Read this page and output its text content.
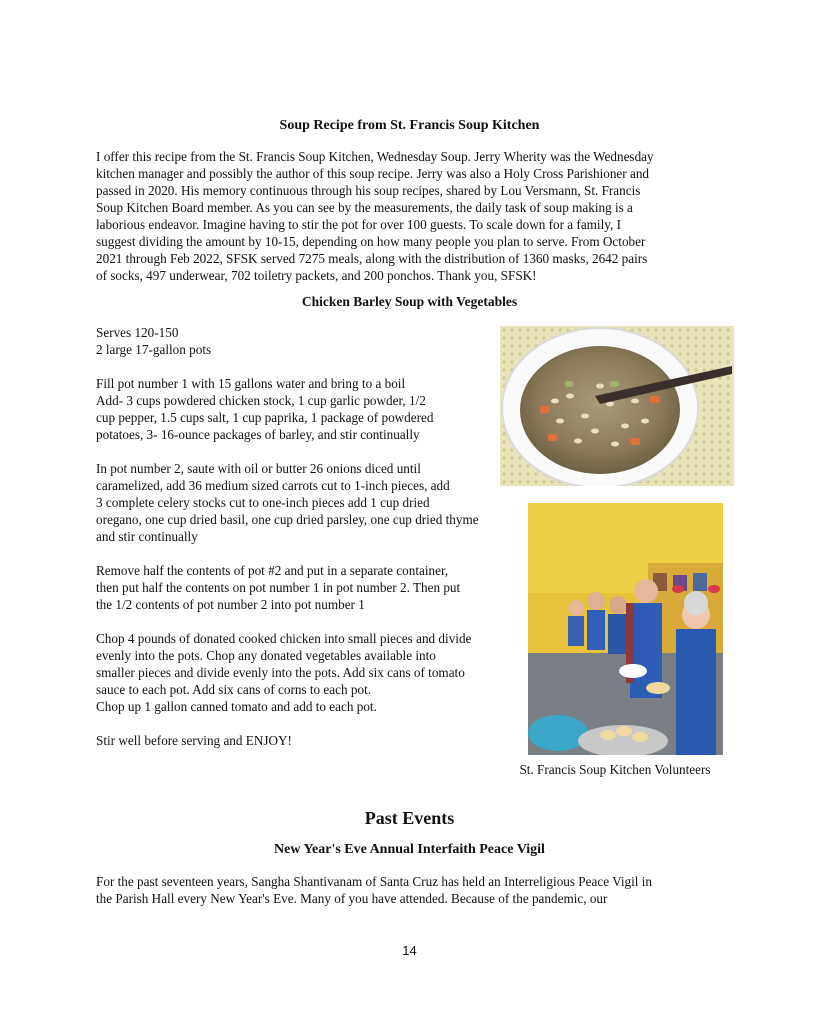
Soup Recipe from St. Francis Soup Kitchen
I offer this recipe from the St. Francis Soup Kitchen, Wednesday Soup. Jerry Wherity was the Wednesday
kitchen manager and possibly the author of this soup recipe. Jerry was also a Holy Cross Parishioner and
passed in 2020. His memory continuous through his soup recipes, shared by Lou Versmann, St. Francis
Soup Kitchen Board member. As you can see by the measurements, the daily task of soup making is a
laborious endeavor. Imagine having to stir the pot for over 100 guests. To scale down for a family, I
suggest dividing the amount by 10-15, depending on how many people you plan to serve. From October
2021 through Feb 2022, SFSK served 7275 meals, along with the distribution of 1360 masks, 2642 pairs
of socks, 497 underwear, 702 toiletry packets, and 200 ponchos. Thank you, SFSK!
Chicken Barley Soup with Vegetables
Serves 120-150
2 large 17-gallon pots
Fill pot number 1 with 15 gallons water and bring to a boil
Add- 3 cups powdered chicken stock, 1 cup garlic powder, 1/2
cup pepper, 1.5 cups salt, 1 cup paprika, 1 package of powdered
potatoes, 3- 16-ounce packages of barley, and stir continually
In pot number 2, saute with oil or butter 26 onions diced until
caramelized, add 36 medium sized carrots cut to 1-inch pieces, add
3 complete celery stocks cut to one-inch pieces add 1 cup dried
oregano, one cup dried basil, one cup dried parsley, one cup dried thyme
and stir continually
Remove half the contents of pot #2 and put in a separate container,
then put half the contents on pot number 1 in pot number 2. Then put
the 1/2 contents of pot number 2 into pot number 1
Chop 4 pounds of donated cooked chicken into small pieces and divide
evenly into the pots. Chop any donated vegetables available into
smaller pieces and divide evenly into the pots. Add six cans of tomato
sauce to each pot. Add six cans of corns to each pot.
Chop up 1 gallon canned tomato and add to each pot.
Stir well before serving and ENJOY!
St. Francis Soup Kitchen Volunteers
Past Events
New Year's Eve Annual Interfaith Peace Vigil
For the past seventeen years, Sangha Shantivanam of Santa Cruz has held an Interreligious Peace Vigil in
the Parish Hall every New Year's Eve. Many of you have attended. Because of the pandemic, our
14
